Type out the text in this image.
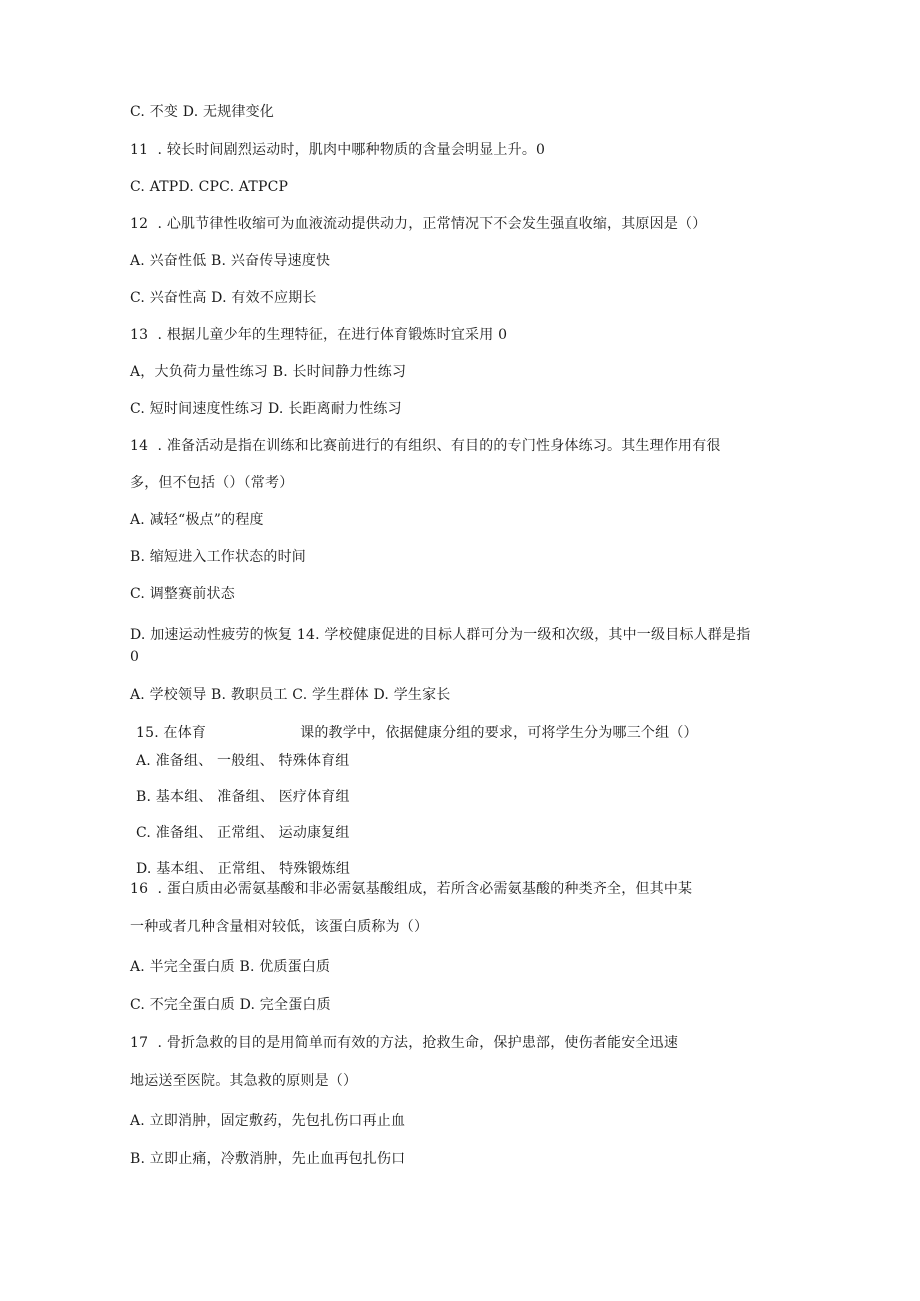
C. 不变 D. 无规律变化
11  . 较长时间剧烈运动时，肌肉中哪种物质的含量会明显上升。0
C. ATPD. CPC. ATPCP
12  . 心肌节律性收缩可为血液流动提供动力，正常情况下不会发生强直收缩，其原因是（）
A. 兴奋性低 B. 兴奋传导速度快
C. 兴奋性高 D. 有效不应期长
13  . 根据儿童少年的生理特征，在进行体育锻炼时宜采用 0
A，大负荷力量性练习 B. 长时间静力性练习
C. 短时间速度性练习 D. 长距离耐力性练习
14  . 准备活动是指在训练和比赛前进行的有组织、有目的的专门性身体练习。其生理作用有很
多，但不包括（）（常考）
A. 减轻“极点”的程度
B. 缩短进入工作状态的时间
C. 调整赛前状态
D. 加速运动性疲劳的恢复 14. 学校健康促进的目标人群可分为一级和次级，其中一级目标人群是指
0
A. 学校领导 B. 教职员工 C. 学生群体 D. 学生家长
15. 在体育	课的教学中，依据健康分组的要求，可将学生分为哪三个组（）
A. 准备组、 一般组、 特殊体育组
B. 基本组、 准备组、 医疗体育组
C. 准备组、 正常组、 运动康复组
D. 基本组、 正常组、 特殊锻炼组
16  . 蛋白质由必需氨基酸和非必需氨基酸组成，若所含必需氨基酸的种类齐全，但其中某
一种或者几种含量相对较低，该蛋白质称为（）
A. 半完全蛋白质 B. 优质蛋白质
C. 不完全蛋白质 D. 完全蛋白质
17  . 骨折急救的目的是用简单而有效的方法，抢救生命，保护患部，使伤者能安全迅速
地运送至医院。其急救的原则是（）
A. 立即消肿，固定敷药，先包扎伤口再止血
B. 立即止痛，冷敷消肿，先止血再包扎伤口
